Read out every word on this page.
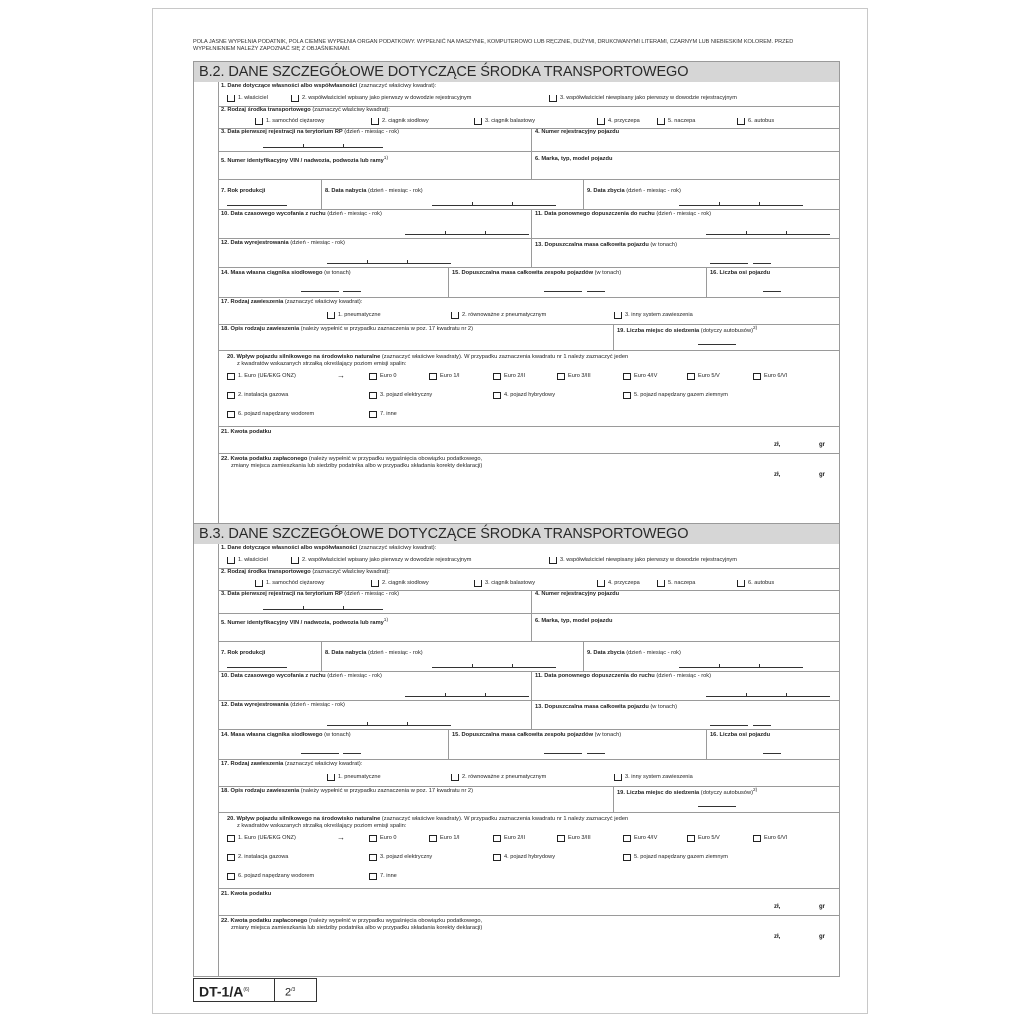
POLA JASNE WYPEŁNIA PODATNIK, POLA CIEMNE WYPEŁNIA ORGAN PODATKOWY. WYPEŁNIĆ NA MASZYNIE, KOMPUTEROWO LUB RĘCZNIE, DUŻYMI, DRUKOWANYMI LITERAMI, CZARNYM LUB NIEBIESKIM KOLOREM. PRZED WYPEŁNIENIEM NALEŻY ZAPOZNAĆ SIĘ Z OBJAŚNIENIAMI.
B.2. DANE SZCZEGÓŁOWE DOTYCZĄCE ŚRODKA TRANSPORTOWEGO
1. Dane dotyczące własności albo współwłasności (zaznaczyć właściwy kwadrat):
1. właściciel	2. współwłaściciel wpisany jako pierwszy w dowodzie rejestracyjnym	3. współwłaściciel niewpisany jako pierwszy w dowodzie rejestracyjnym
2. Rodzaj środka transportowego (zaznaczyć właściwy kwadrat):
1. samochód ciężarowy	2. ciągnik siodłowy	3. ciągnik balastowy	4. przyczepa	5. naczepa	6. autobus
3. Data pierwszej rejestracji na terytorium RP (dzień - miesiąc - rok)	4. Numer rejestracyjny pojazdu
5. Numer identyfikacyjny VIN / nadwozia, podwozia lub ramy$^{1)}$	6. Marka, typ, model pojazdu
7. Rok produkcji	8. Data nabycia (dzień - miesiąc - rok)	9. Data zbycia (dzień - miesiąc - rok)
10. Data czasowego wycofania z ruchu (dzień - miesiąc - rok)	11. Data ponownego dopuszczenia do ruchu (dzień - miesiąc - rok)
12. Data wyrejestrowania (dzień - miesiąc - rok)	13. Dopuszczalna masa całkowita pojazdu (w tonach)
14. Masa własna ciągnika siodłowego (w tonach)	15. Dopuszczalna masa całkowita zespołu pojazdów (w tonach)	16. Liczba osi pojazdu
17. Rodzaj zawieszenia (zaznaczyć właściwy kwadrat):
1. pneumatyczne	2. równoważne z pneumatycznym	3. inny system zawieszenia
18. Opis rodzaju zawieszenia (należy wypełnić w przypadku zaznaczenia w poz. 17 kwadratu nr 2)	19. Liczba miejsc do siedzenia (dotyczy autobusów)$^{2)}$
20. Wpływ pojazdu silnikowego na środowisko naturalne (zaznaczyć właściwe kwadraty). W przypadku zaznaczenia kwadratu nr 1 należy zaznaczyć jeden
z kwadratów wskazanych strzałką określający poziom emisji spalin:
1. Euro (UE/EKG ONZ)	→	Euro 0	Euro 1/I	Euro 2/II	Euro 3/III	Euro 4/IV	Euro 5/V	Euro 6/VI
2. instalacja gazowa	3. pojazd elektryczny	4. pojazd hybrydowy	5. pojazd napędzany gazem ziemnym
6. pojazd napędzany wodorem	7. inne
21. Kwota podatku
zł,	gr
22. Kwota podatku zapłaconego (należy wypełnić w przypadku wygaśnięcia obowiązku podatkowego,
zmiany miejsca zamieszkania lub siedziby podatnika albo w przypadku składania korekty deklaracji)
zł,	gr
B.3. DANE SZCZEGÓŁOWE DOTYCZĄCE ŚRODKA TRANSPORTOWEGO
1. Dane dotyczące własności albo współwłasności (zaznaczyć właściwy kwadrat):
1. właściciel	2. współwłaściciel wpisany jako pierwszy w dowodzie rejestracyjnym	3. współwłaściciel niewpisany jako pierwszy w dowodzie rejestracyjnym
2. Rodzaj środka transportowego (zaznaczyć właściwy kwadrat):
1. samochód ciężarowy	2. ciągnik siodłowy	3. ciągnik balastowy	4. przyczepa	5. naczepa	6. autobus
3. Data pierwszej rejestracji na terytorium RP (dzień - miesiąc - rok)	4. Numer rejestracyjny pojazdu
5. Numer identyfikacyjny VIN / nadwozia, podwozia lub ramy$^{1)}$	6. Marka, typ, model pojazdu
7. Rok produkcji	8. Data nabycia (dzień - miesiąc - rok)	9. Data zbycia (dzień - miesiąc - rok)
10. Data czasowego wycofania z ruchu (dzień - miesiąc - rok)	11. Data ponownego dopuszczenia do ruchu (dzień - miesiąc - rok)
12. Data wyrejestrowania (dzień - miesiąc - rok)	13. Dopuszczalna masa całkowita pojazdu (w tonach)
14. Masa własna ciągnika siodłowego (w tonach)	15. Dopuszczalna masa całkowita zespołu pojazdów (w tonach)	16. Liczba osi pojazdu
17. Rodzaj zawieszenia (zaznaczyć właściwy kwadrat):
1. pneumatyczne	2. równoważne z pneumatycznym	3. inny system zawieszenia
18. Opis rodzaju zawieszenia (należy wypełnić w przypadku zaznaczenia w poz. 17 kwadratu nr 2)	19. Liczba miejsc do siedzenia (dotyczy autobusów)$^{2)}$
20. Wpływ pojazdu silnikowego na środowisko naturalne (zaznaczyć właściwe kwadraty). W przypadku zaznaczenia kwadratu nr 1 należy zaznaczyć jeden
z kwadratów wskazanych strzałką określający poziom emisji spalin:
1. Euro (UE/EKG ONZ)	→	Euro 0	Euro 1/I	Euro 2/II	Euro 3/III	Euro 4/IV	Euro 5/V	Euro 6/VI
2. instalacja gazowa	3. pojazd elektryczny	4. pojazd hybrydowy	5. pojazd napędzany gazem ziemnym
6. pojazd napędzany wodorem	7. inne
21. Kwota podatku
zł,	gr
22. Kwota podatku zapłaconego (należy wypełnić w przypadku wygaśnięcia obowiązku podatkowego,
zmiany miejsca zamieszkania lub siedziby podatnika albo w przypadku składania korekty deklaracji)
zł,	gr
$DT-1/A^{(6)}$	$2^{/3}$
